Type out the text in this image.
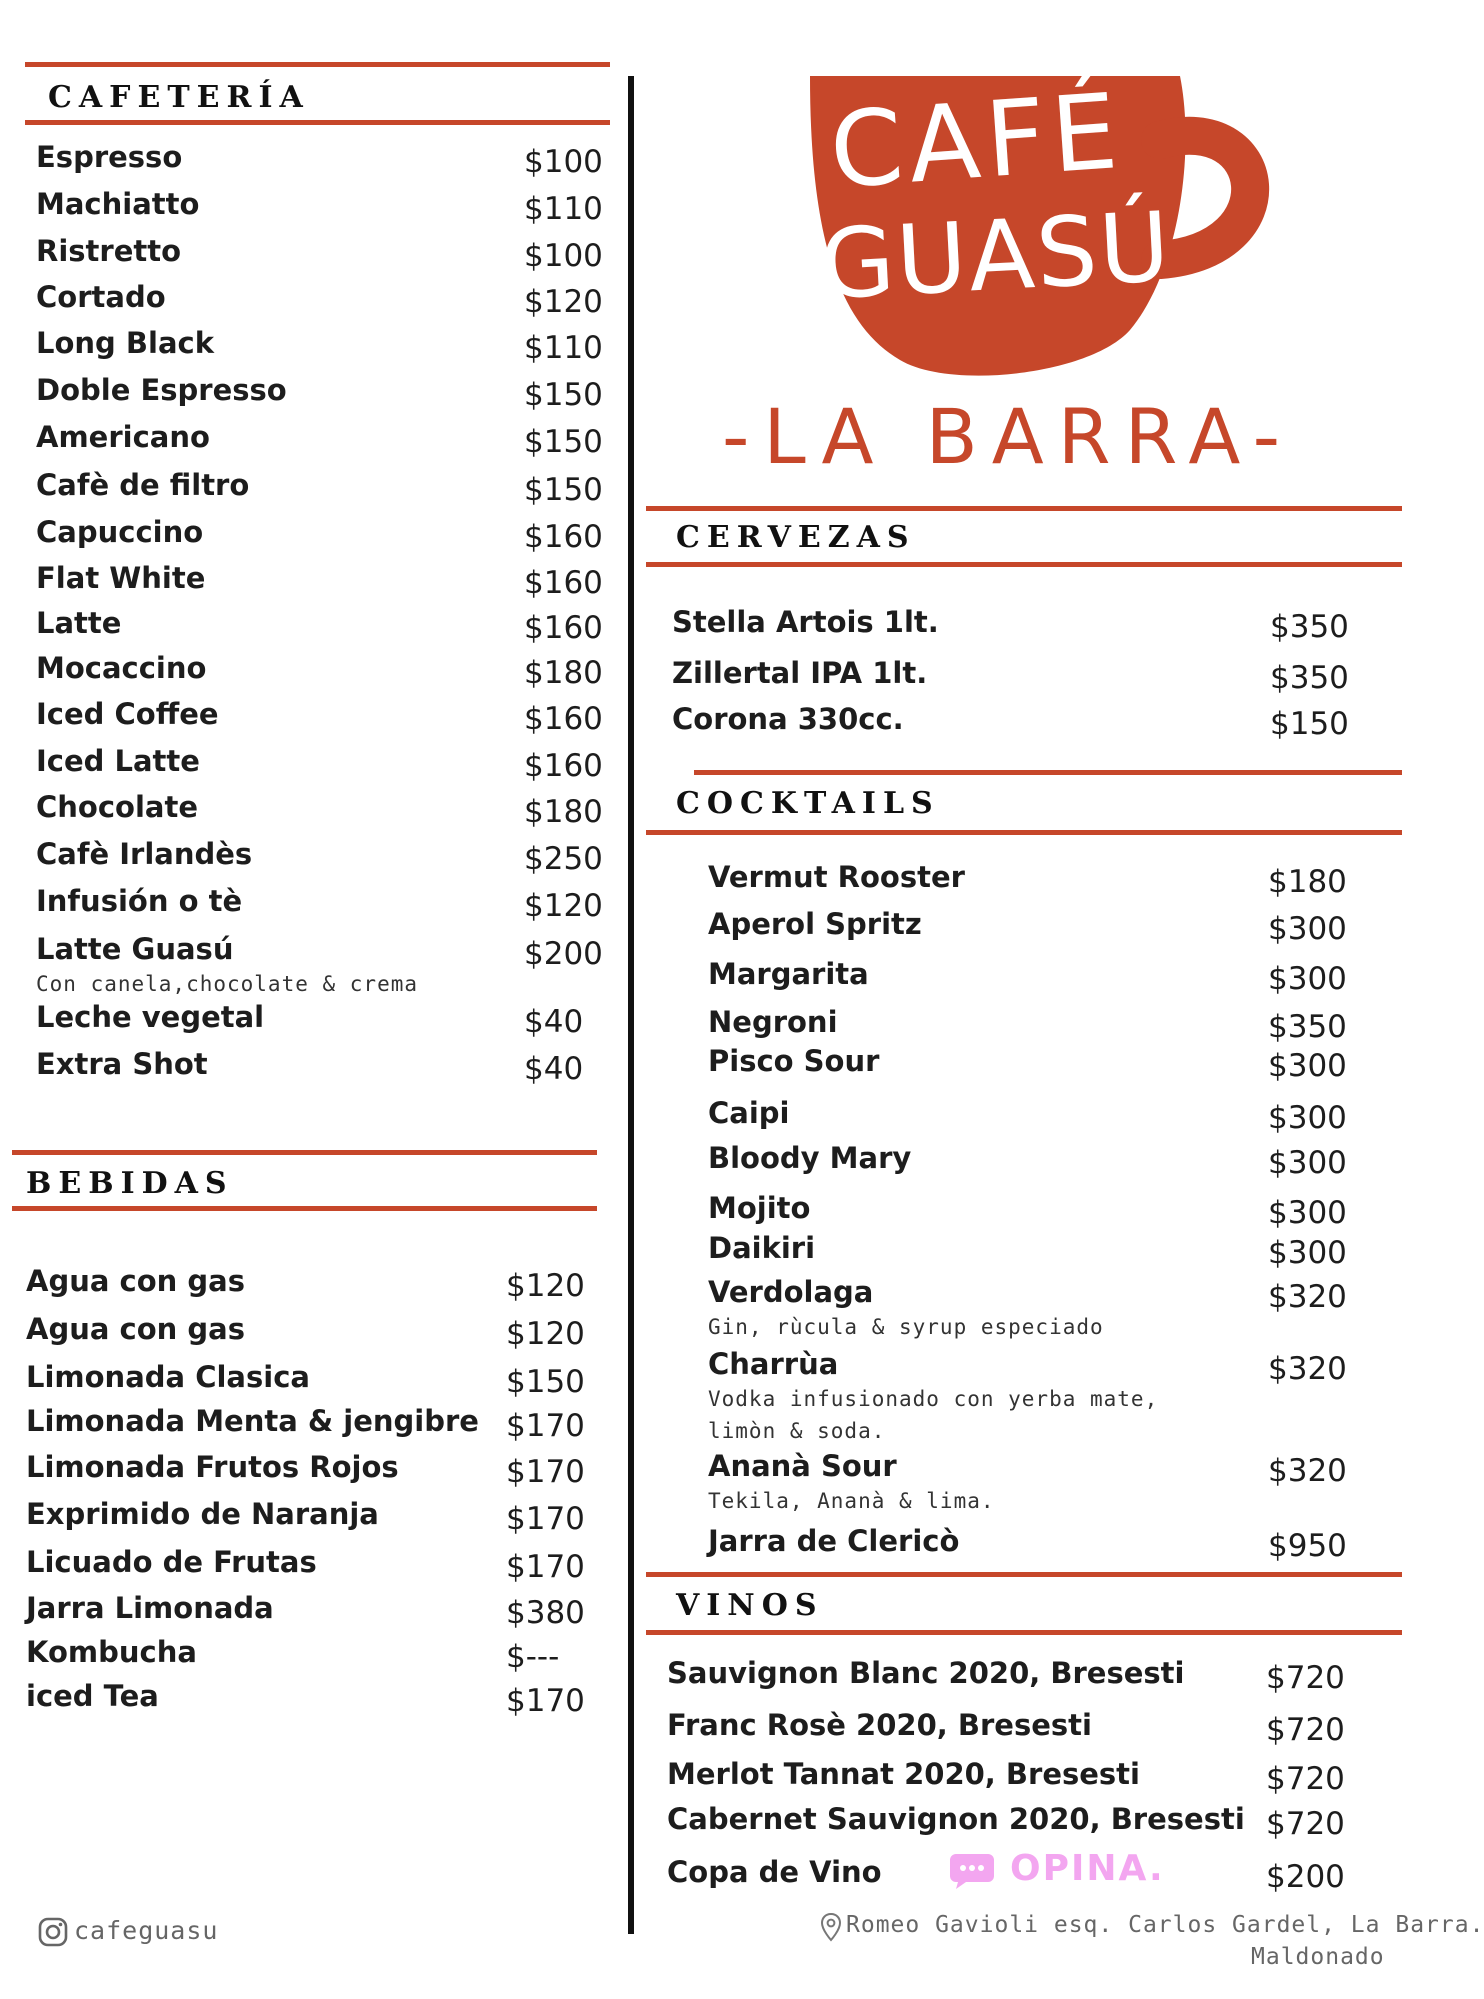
CAFETERÍA
Espresso	$100
Machiatto	$110
Ristretto	$100
Cortado	$120
Long Black	$110
Doble Espresso	$150
Americano	$150
Cafè de filtro	$150
Capuccino	$160
Flat White	$160
Latte	$160
Mocaccino	$180
Iced Coffee	$160
Iced Latte	$160
Chocolate	$180
Cafè Irlandès	$250
Infusión o tè	$120
Latte Guasú	$200
Con canela,chocolate & crema
Leche vegetal	$40
Extra Shot	$40
BEBIDAS
Agua con gas	$120
Agua con gas	$120
Limonada Clasica	$150
Limonada Menta & jengibre $170
Limonada Frutos Rojos	$170
Exprimido de Naranja	$170
Licuado de Frutas	$170
Jarra Limonada	$380
Kombucha	$---
iced Tea	$170
cafeguasu
CAFÉ
GUASÚ
-LA BARRA-
CERVEZAS
Stella Artois 1lt.	$350
Zillertal IPA 1lt.	$350
Corona 330cc.	$150
COCKTAILS
Vermut Rooster	$180
Aperol Spritz	$300
Margarita	$300
Negroni	$350
Pisco Sour	$300
Caipi	$300
Bloody Mary	$300
Mojito	$300
Daikiri	$300
Verdolaga	$320
Gin, rùcula & syrup especiado
Charrùa	$320
Vodka infusionado con yerba mate,
limòn & soda.
Ananà Sour	$320
Tekila, Ananà & lima.
Jarra de Clericò	$950
VINOS
Sauvignon Blanc 2020, Bresesti	$720
Franc Rosè 2020, Bresesti	$720
Merlot Tannat 2020, Bresesti	$720
Cabernet Sauvignon 2020, Bresesti $720
Copa de Vino	$200
OPINA.
Romeo Gavioli esq. Carlos Gardel, La Barra.
Maldonado
